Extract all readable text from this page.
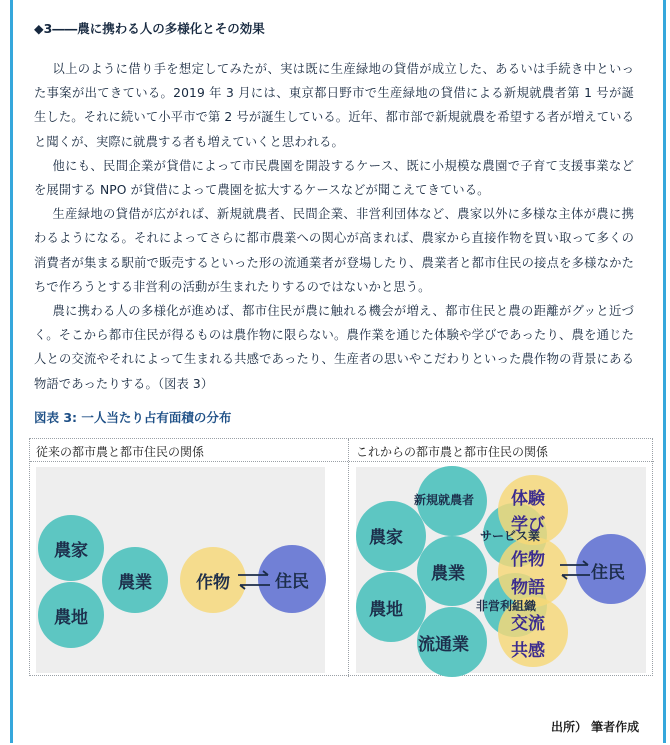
◆3――農に携わる人の多様化とその効果

以上のように借り手を想定してみたが、実は既に生産緑地の貸借が成立した、あるいは手続き中といった事案が出てきている。2019 年 3 月には、東京都日野市で生産緑地の貸借による新規就農者第 1 号が誕生した。それに続いて小平市で第 2 号が誕生している。近年、都市部で新規就農を希望する者が増えていると聞くが、実際に就農する者も増えていくと思われる。

他にも、民間企業が貸借によって市民農園を開設するケース、既に小規模な農園で子育て支援事業などを展開する NPO が貸借によって農園を拡大するケースなどが聞こえてきている。

生産緑地の貸借が広がれば、新規就農者、民間企業、非営利団体など、農家以外に多様な主体が農に携わるようになる。それによってさらに都市農業への関心が高まれば、農家から直接作物を買い取って多くの消費者が集まる駅前で販売するといった形の流通業者が登場したり、農業者と都市住民の接点を多様なかたちで作ろうとする非営利の活動が生まれたりするのではないかと思う。

農に携わる人の多様化が進めば、都市住民が農に触れる機会が増え、都市住民と農の距離がグッと近づく。そこから都市住民が得るものは農作物に限らない。農作業を通じた体験や学びであったり、農を通じた人との交流やそれによって生まれる共感であったり、生産者の思いやこだわりといった農作物の背景にある物語であったりする。（図表 3）

図表 3: 一人当たり占有面積の分布
従来の都市農と都市住民の関係	これからの都市農と都市住民の関係
農家
農地
農業	作物	住民
農家
新規就農者
サービス業
農業
農地	非営利組織
流通業
体験
学び
作物
物語
交流
共感
住民
出所） 筆者作成
